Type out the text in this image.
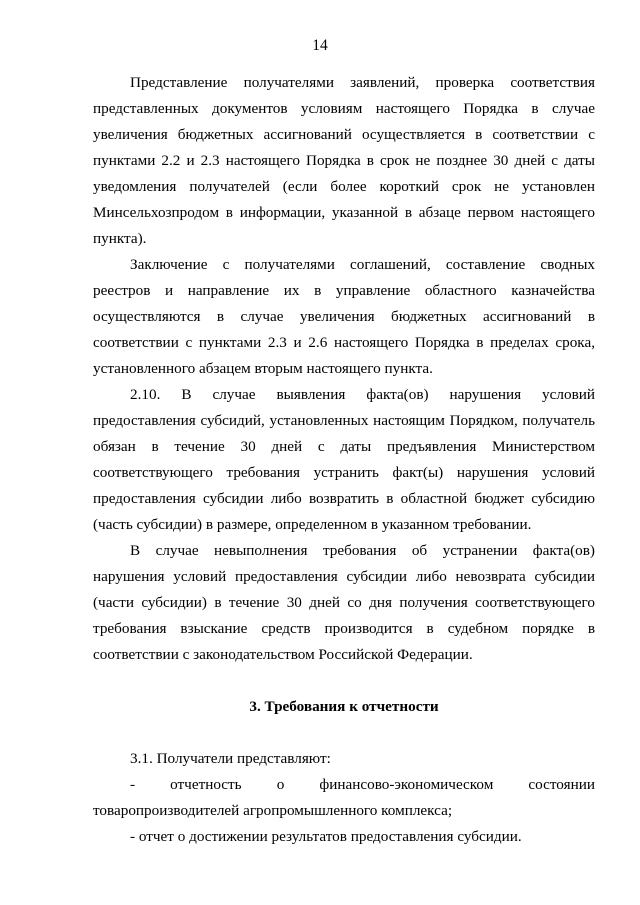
14

Представление получателями заявлений, проверка соответствия представленных документов условиям настоящего Порядка в случае увеличения бюджетных ассигнований осуществляется в соответствии с пунктами 2.2 и 2.3 настоящего Порядка в срок не позднее 30 дней с даты уведомления получателей (если более короткий срок не установлен Минсельхозпродом в информации, указанной в абзаце первом настоящего пункта).

Заключение с получателями соглашений, составление сводных реестров и направление их в управление областного казначейства осуществляются в случае увеличения бюджетных ассигнований в соответствии с пунктами 2.3 и 2.6 настоящего Порядка в пределах срока, установленного абзацем вторым настоящего пункта.

2.10. В случае выявления факта(ов) нарушения условий предоставления субсидий, установленных настоящим Порядком, получатель обязан в течение 30 дней с даты предъявления Министерством соответствующего требования устранить факт(ы) нарушения условий предоставления субсидии либо возвратить в областной бюджет субсидию (часть субсидии) в размере, определенном в указанном требовании.

В случае невыполнения требования об устранении факта(ов) нарушения условий предоставления субсидии либо невозврата субсидии (части субсидии) в течение 30 дней со дня получения соответствующего требования взыскание средств производится в судебном порядке в соответствии с законодательством Российской Федерации.

3. Требования к отчетности

3.1. Получатели представляют:

- отчетность о финансово-экономическом состоянии товаропроизводителей агропромышленного комплекса;

- отчет о достижении результатов предоставления субсидии.
